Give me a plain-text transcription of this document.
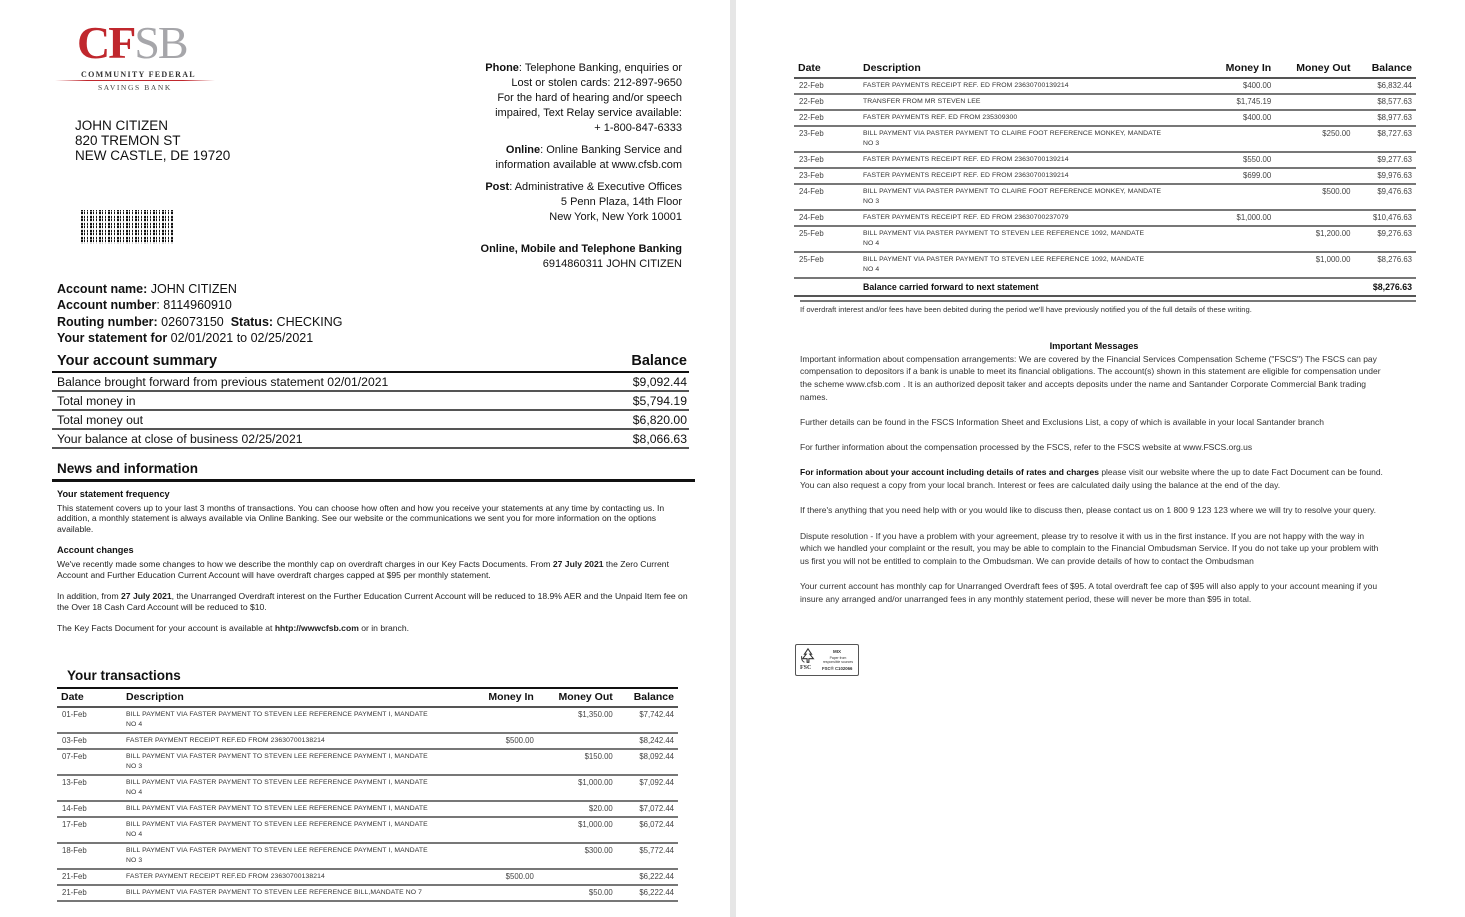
CFSB
COMMUNITY FEDERAL
SAVINGS BANK
JOHN CITIZEN
820 TREMON ST
NEW CASTLE, DE 19720

Phone: Telephone Banking, enquiries or
Lost or stolen cards: 212-897-9650
For the hard of hearing and/or speech
impaired, Text Relay service available:
+ 1-800-847-6333

Online: Online Banking Service and
information available at www.cfsb.com

Post: Administrative & Executive Offices
5 Penn Plaza, 14th Floor
New York, New York 10001

Online, Mobile and Telephone Banking
6914860311 JOHN CITIZEN

Account name: JOHN CITIZEN
Account number: 8114960910
Routing number: 026073150  Status: CHECKING
Your statement for 02/01/2021 to 02/25/2021
Your account summary	Balance
Balance brought forward from previous statement 02/01/2021	$9,092.44
Total money in	$5,794.19
Total money out	$6,820.00
Your balance at close of business 02/25/2021	$8,066.63
News and information
Your statement frequency

This statement covers up to your last 3 months of transactions. You can choose how often and how you receive your statements at any time by contacting us. In addition, a monthly statement is always available via Online Banking. See our website or the communications we sent you for more information on the options available.

Account changes

We've recently made some changes to how we describe the monthly cap on overdraft charges in our Key Facts Documents. From 27 July 2021 the Zero Current Account and Further Education Current Account will have overdraft charges capped at $95 per monthly statement.

In addition, from 27 July 2021, the Unarranged Overdraft interest on the Further Education Current Account will be reduced to 18.9% AER and the Unpaid Item fee on the Over 18 Cash Card Account will be reduced to $10.

The Key Facts Document for your account is available at hhtp://wwwcfsb.com or in branch.

Your transactions
Date	Description	Money In	Money Out	Balance
01-Feb	BILL PAYMENT VIA FASTER PAYMENT TO STEVEN LEE REFERENCE PAYMENT I, MANDATE
NO 4		$1,350.00	$7,742.44
03-Feb	FASTER PAYMENT RECEIPT REF.ED FROM 23630700138214	$500.00		$8,242.44
07-Feb	BILL PAYMENT VIA FASTER PAYMENT TO STEVEN LEE REFERENCE PAYMENT I, MANDATE
NO 3		$150.00	$8,092.44
13-Feb	BILL PAYMENT VIA FASTER PAYMENT TO STEVEN LEE REFERENCE PAYMENT I, MANDATE
NO 4		$1,000.00	$7,092.44
14-Feb	BILL PAYMENT VIA FASTER PAYMENT TO STEVEN LEE REFERENCE PAYMENT I, MANDATE		$20.00	$7,072.44
17-Feb	BILL PAYMENT VIA FASTER PAYMENT TO STEVEN LEE REFERENCE PAYMENT I, MANDATE
NO 4		$1,000.00	$6,072.44
18-Feb	BILL PAYMENT VIA FASTER PAYMENT TO STEVEN LEE REFERENCE PAYMENT I, MANDATE
NO 3		$300.00	$5,772.44
21-Feb	FASTER PAYMENT RECEIPT REF.ED FROM 23630700138214	$500.00		$6,222.44
21-Feb	BILL PAYMENT VIA FASTER PAYMENT TO STEVEN LEE REFERENCE BILL,MANDATE NO 7		$50.00	$6,222.44
Date	Description	Money In	Money Out	Balance
22-Feb	FASTER PAYMENTS RECEIPT REF. ED FROM 23630700139214	$400.00		$6,832.44
22-Feb	TRANSFER FROM MR STEVEN LEE	$1,745.19		$8,577.63
22-Feb	FASTER PAYMENTS REF. ED FROM 235309300	$400.00		$8,977.63
23-Feb	BILL PAYMENT VIA PASTER PAYMENT TO CLAIRE FOOT REFERENCE MONKEY, MANDATE
NO 3		$250.00	$8,727.63
23-Feb	FASTER PAYMENTS RECEIPT REF. ED FROM 23630700139214	$550.00		$9,277.63
23-Feb	FASTER PAYMENTS RECEIPT REF. ED FROM 23630700139214	$699.00		$9,976.63
24-Feb	BILL PAYMENT VIA PASTER PAYMENT TO CLAIRE FOOT REFERENCE MONKEY, MANDATE
NO 3		$500.00	$9,476.63
24-Feb	FASTER PAYMENTS RECEIPT REF. ED FROM 23630700237079	$1,000.00		$10,476.63
25-Feb	BILL PAYMENT VIA PASTER PAYMENT TO STEVEN LEE REFERENCE 1092, MANDATE
NO 4		$1,200.00	$9,276.63
25-Feb	BILL PAYMENT VIA PASTER PAYMENT TO STEVEN LEE REFERENCE 1092, MANDATE
NO 4		$1,000.00	$8,276.63
	Balance carried forward to next statement			$8,276.63
If overdraft interest and/or fees have been debited during the period we'll have previously notified you of the full details of these writing.
Important Messages

Important information about compensation arrangements: We are covered by the Financial Services Compensation Scheme ("FSCS") The FSCS can pay compensation to depositors if a bank is unable to meet its financial obligations. The account(s) shown in this statement are eligible for compensation under the scheme www.cfsb.com . It is an authorized deposit taker and accepts deposits under the name and Santander Corporate Commercial Bank trading names.

Further details can be found in the FSCS Information Sheet and Exclusions List, a copy of which is available in your local Santander branch

For further information about the compensation processed by the FSCS, refer to the FSCS website at www.FSCS.org.us

For information about your account including details of rates and charges please visit our website where the up to date Fact Document can be found. You can also request a copy from your local branch. Interest or fees are calculated daily using the balance at the end of the day.

If there's anything that you need help with or you would like to discuss then, please contact us on 1 800 9 123 123 where we will try to resolve your query.

Dispute resolution - If you have a problem with your agreement, please try to resolve it with us in the first instance. If you are not happy with the way in which we handled your complaint or the result, you may be able to complain to the Financial Ombudsman Service. If you do not take up your problem with us first you will not be entitled to complain to the Ombudsman. We can provide details of how to contact the Ombudsman

Your current account has monthly cap for Unarranged Overdraft fees of $95. A total overdraft fee cap of $95 will also apply to your account meaning if you insure any arranged and/or unarranged fees in any monthly statement period, these will never be more than $95 in total.

FSC
MIX
Paper from responsible sources
FSC® C102066
